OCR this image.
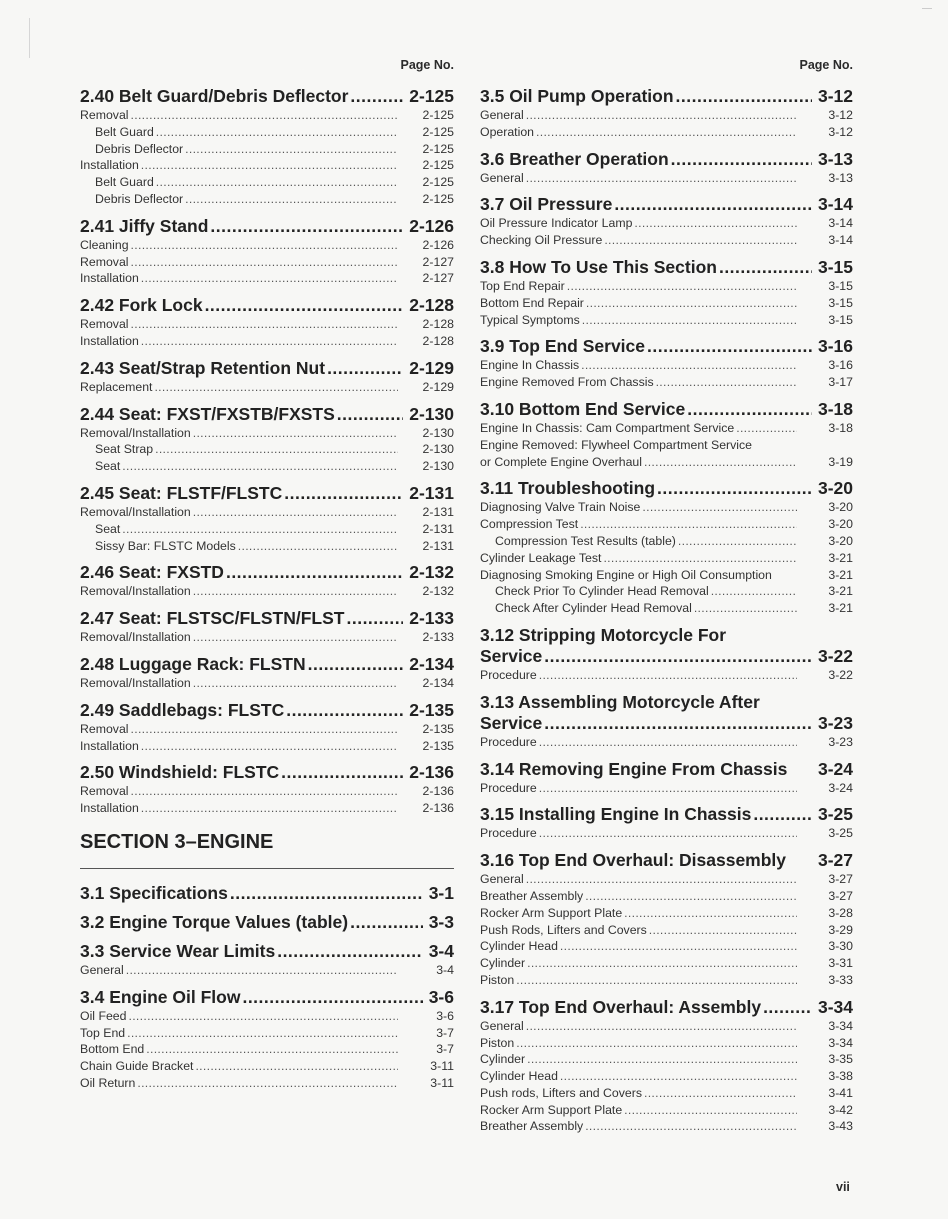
Page No.
2.40 Belt Guard/Debris Deflector .....	2-125
Removal .....	2-125
Belt Guard .....	2-125
Debris Deflector .....	2-125
Installation .....	2-125
Belt Guard .....	2-125
Debris Deflector .....	2-125
2.41 Jiffy Stand .....	2-126
Cleaning .....	2-126
Removal .....	2-127
Installation .....	2-127
2.42 Fork Lock .....	2-128
Removal .....	2-128
Installation .....	2-128
2.43 Seat/Strap Retention Nut .....	2-129
Replacement .....	2-129
2.44 Seat: FXST/FXSTB/FXSTS .....	2-130
Removal/Installation .....	2-130
Seat Strap .....	2-130
Seat .....	2-130
2.45 Seat: FLSTF/FLSTC .....	2-131
Removal/Installation .....	2-131
Seat .....	2-131
Sissy Bar: FLSTC Models .....	2-131
2.46 Seat: FXSTD .....	2-132
Removal/Installation .....	2-132
2.47 Seat: FLSTSC/FLSTN/FLST .....	2-133
Removal/Installation .....	2-133
2.48 Luggage Rack: FLSTN .....	2-134
Removal/Installation .....	2-134
2.49 Saddlebags: FLSTC .....	2-135
Removal .....	2-135
Installation .....	2-135
2.50 Windshield: FLSTC .....	2-136
Removal .....	2-136
Installation .....	2-136
SECTION 3–ENGINE
3.1 Specifications .....	3-1
3.2 Engine Torque Values (table) .....	3-3
3.3 Service Wear Limits .....	3-4
General .....	3-4
3.4 Engine Oil Flow .....	3-6
Oil Feed .....	3-6
Top End .....	3-7
Bottom End .....	3-7
Chain Guide Bracket .....	3-11
Oil Return .....	3-11
Page No.
3.5 Oil Pump Operation .....	3-12
General .....	3-12
Operation .....	3-12
3.6 Breather Operation .....	3-13
General .....	3-13
3.7 Oil Pressure .....	3-14
Oil Pressure Indicator Lamp .....	3-14
Checking Oil Pressure .....	3-14
3.8 How To Use This Section .....	3-15
Top End Repair .....	3-15
Bottom End Repair .....	3-15
Typical Symptoms .....	3-15
3.9 Top End Service .....	3-16
Engine In Chassis .....	3-16
Engine Removed From Chassis .....	3-17
3.10 Bottom End Service .....	3-18
Engine In Chassis: Cam Compartment Service .....	3-18
Engine Removed: Flywheel Compartment Service
or Complete Engine Overhaul .....	3-19
3.11 Troubleshooting .....	3-20
Diagnosing Valve Train Noise .....	3-20
Compression Test .....	3-20
Compression Test Results (table) .....	3-20
Cylinder Leakage Test .....	3-21
Diagnosing Smoking Engine or High Oil Consumption	3-21
Check Prior To Cylinder Head Removal .....	3-21
Check After Cylinder Head Removal .....	3-21
3.12 Stripping Motorcycle For
Service .....	3-22
Procedure .....	3-22
3.13 Assembling Motorcycle After
Service .....	3-23
Procedure .....	3-23
3.14 Removing Engine From Chassis 3-24
Procedure .....	3-24
3.15 Installing Engine In Chassis .....	3-25
Procedure .....	3-25
3.16 Top End Overhaul: Disassembly 3-27
General .....	3-27
Breather Assembly .....	3-27
Rocker Arm Support Plate .....	3-28
Push Rods, Lifters and Covers .....	3-29
Cylinder Head .....	3-30
Cylinder .....	3-31
Piston .....	3-33
3.17 Top End Overhaul: Assembly .....	3-34
General .....	3-34
Piston .....	3-34
Cylinder .....	3-35
Cylinder Head .....	3-38
Push rods, Lifters and Covers .....	3-41
Rocker Arm Support Plate .....	3-42
Breather Assembly .....	3-43
vii
